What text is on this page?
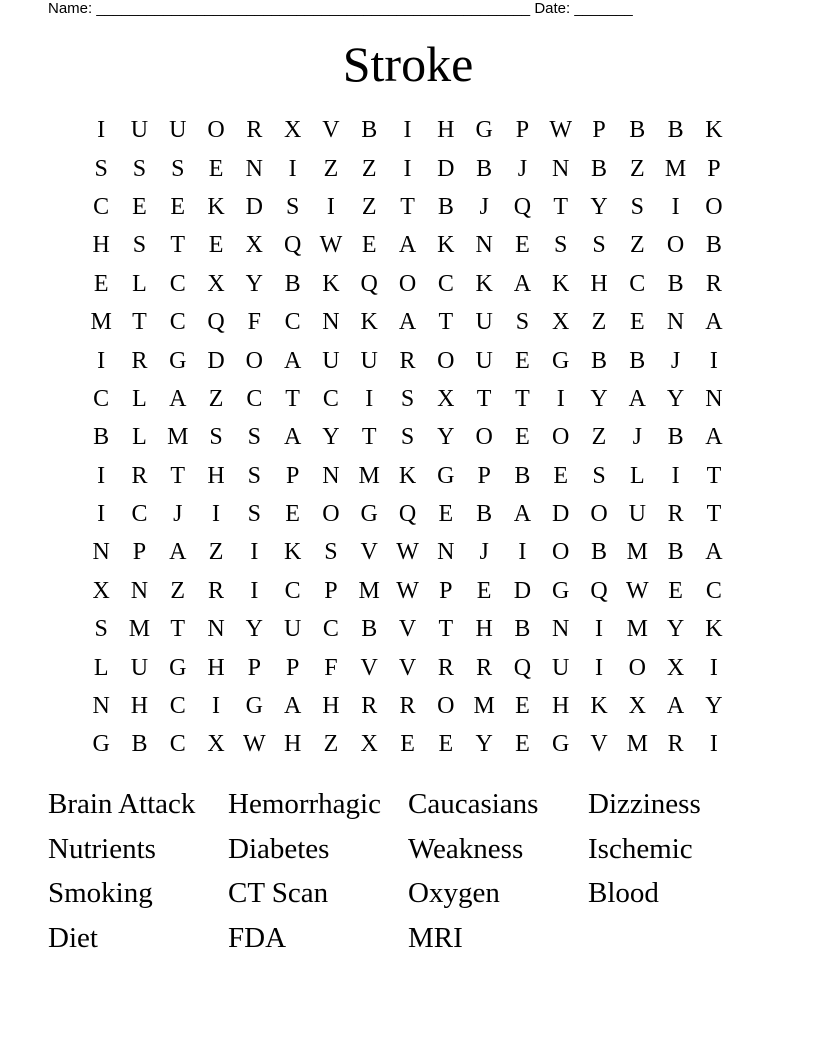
Name: ____________________________________________________ Date: _______
Stroke
I	U U O R X V B	I	H G P W P B B K
S	S	S	E N	I	Z Z	I	D B	J	N B Z M P
C E E K D S	I	Z T B	J	Q T Y S	I	O
H S	T E X Q W E A K N E	S	S	Z O B
E L C X Y B K Q O C K A K H C B R
M T C Q F C N K A T U S X Z E N A
I	R G D O A U U R O U E G B B	J	I
C L A Z C T C	I	S X T T	I	Y A Y N
B L M S	S A Y T	S Y O E O Z	J	B A
I	R T H S	P N M K G P B E	S	L	I	T
I	C	J	I	S	E O G Q E B A D O U R T
N P A Z	I	K S V W N	J	I	O B M B A
X N Z R	I	C P M W P	E D G Q W E C
S M T N Y U C B V T H B N	I M Y K
L U G H P	P	F V V R R Q U	I	O X	I
N H C	I	G A H R R O M E H K X A Y
G B C X W H Z X E E Y E G V M R	I
Brain Attack	Hemorrhagic Caucasians	Dizziness
Nutrients	Diabetes	Weakness	Ischemic
Smoking	CT Scan	Oxygen	Blood
Diet	FDA	MRI
